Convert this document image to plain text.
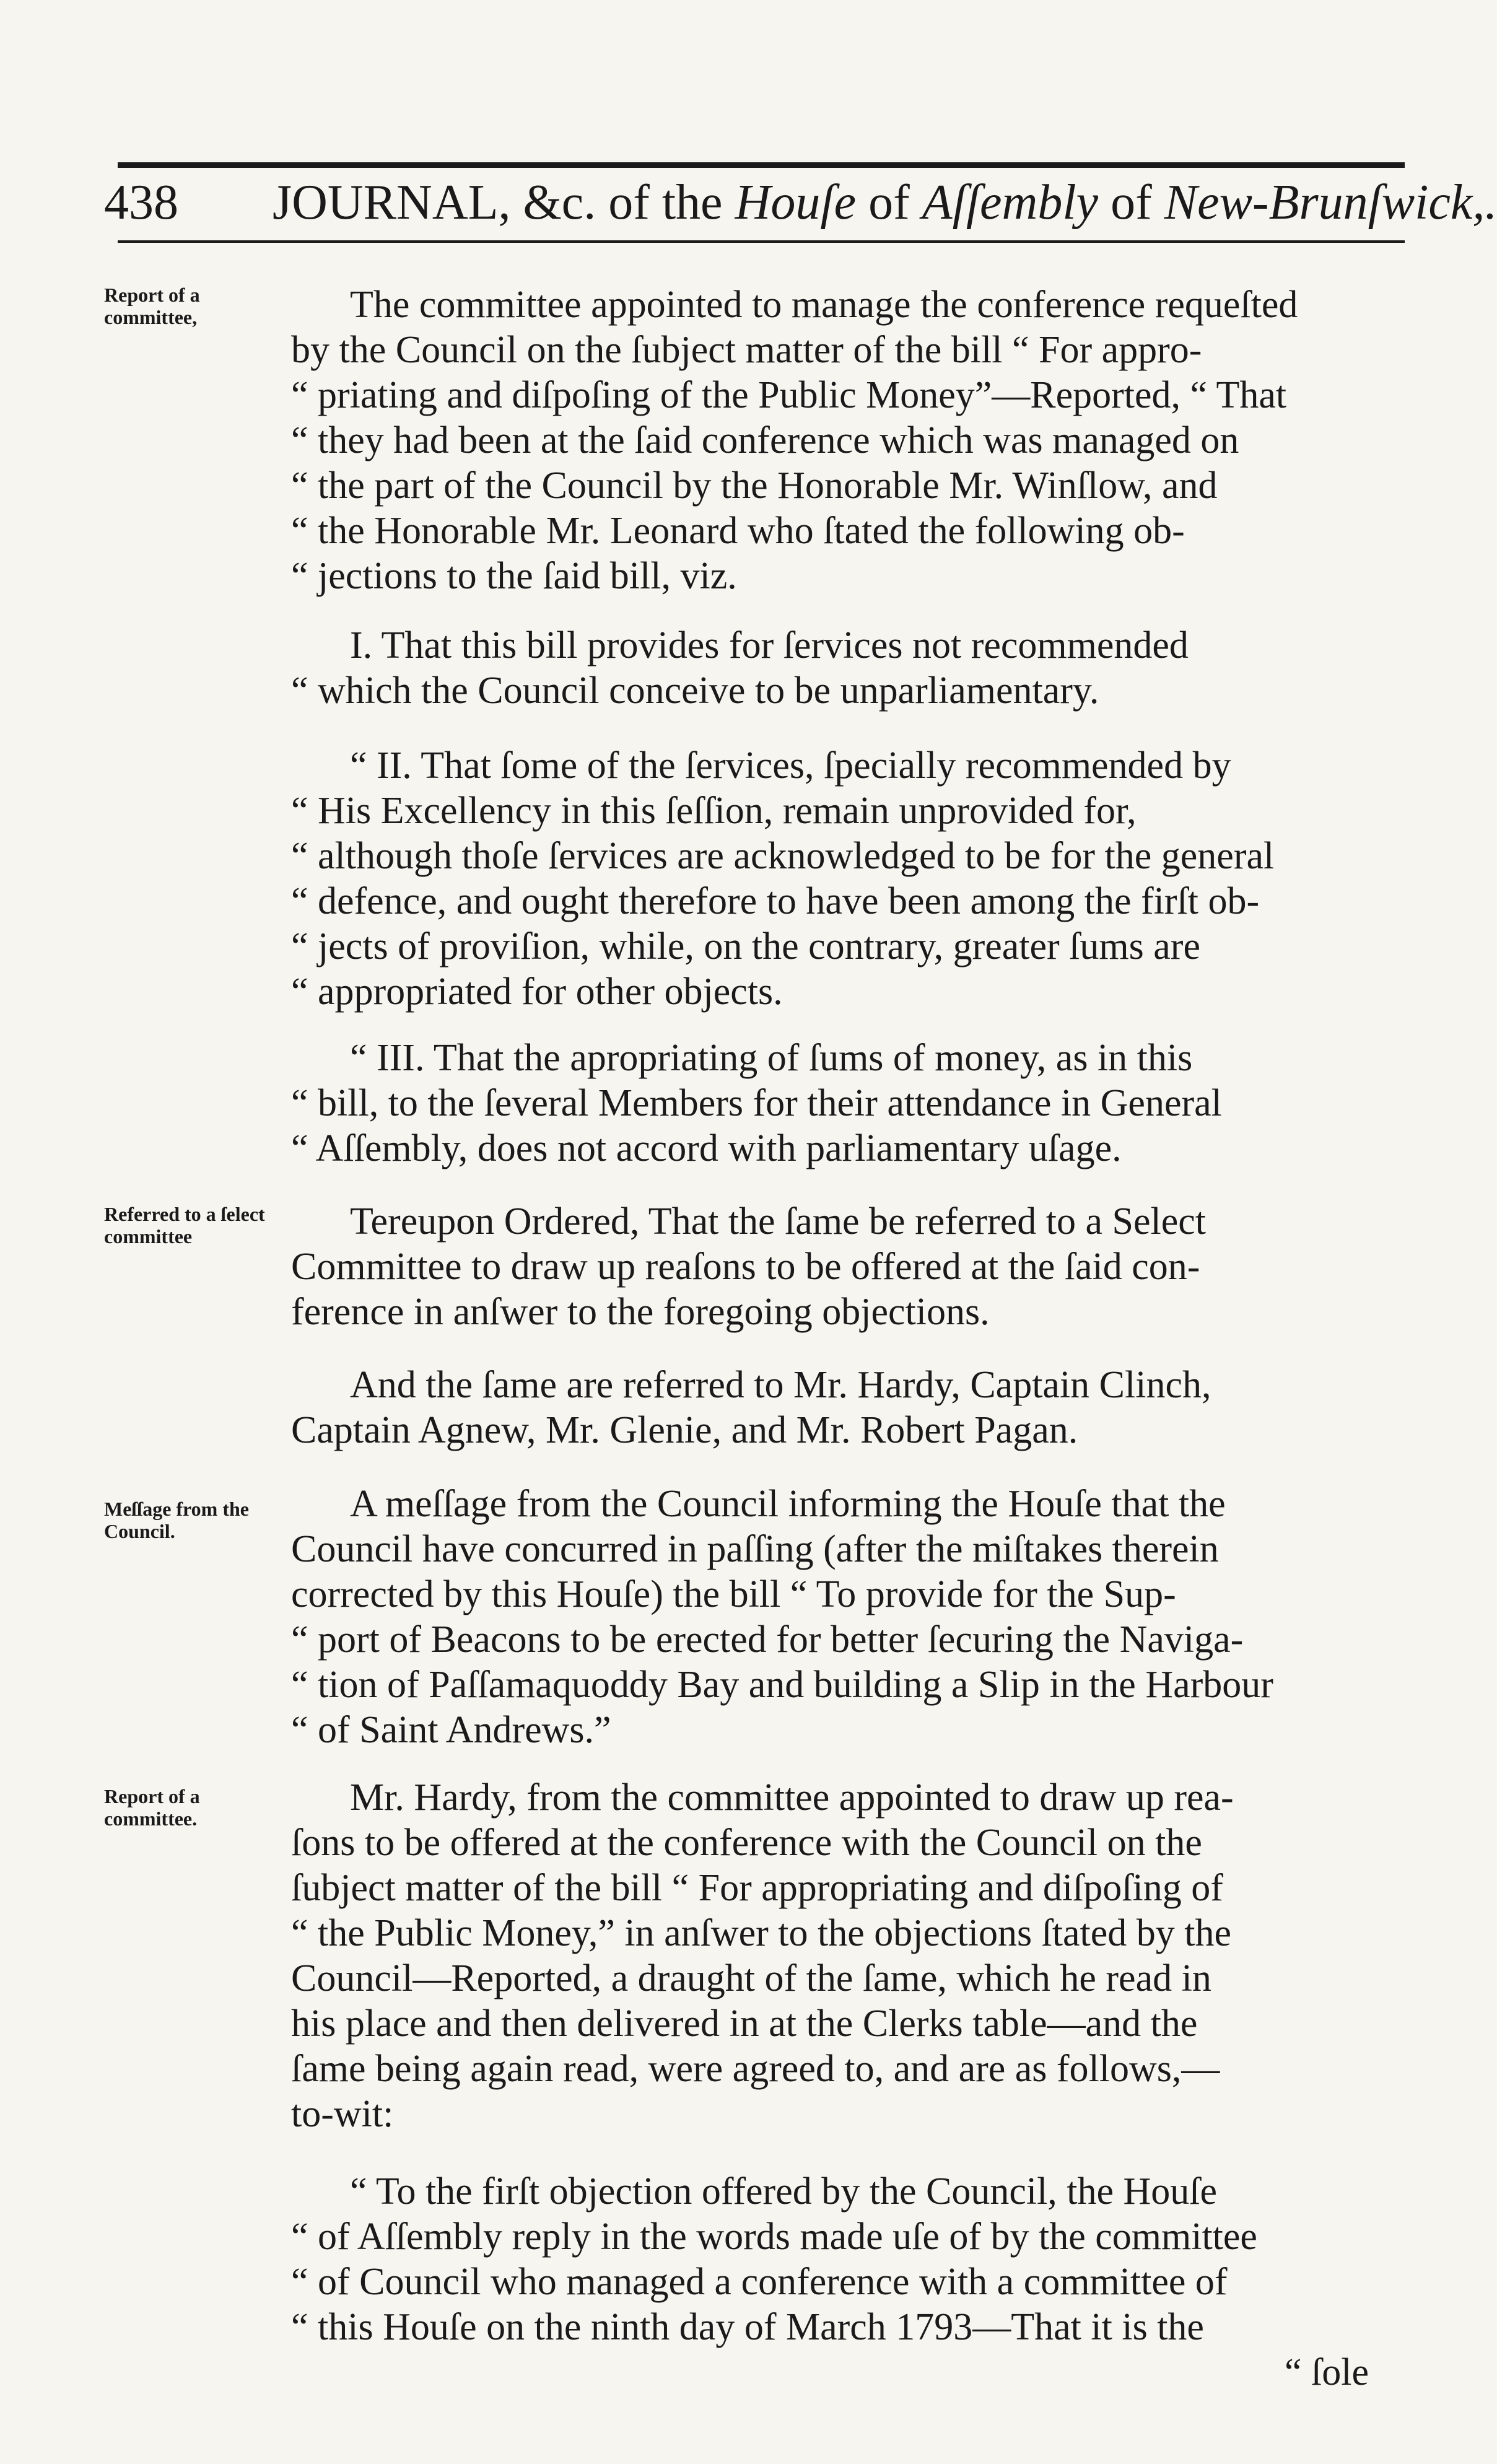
438 JOURNAL, &c. of the Houſe of Aſſembly of New-Brunſwick,.
Report of a committee,
Referred to a ſelect committee
Meſſage from the Council.
Report of a committee.
The committee appointed to manage the conference requeſted
by the Council on the ſubject matter of the bill “ For appro-
“ priating and diſpoſing of the Public Money”—Reported, “ That
“ they had been at the ſaid conference which was managed on
“ the part of the Council by the Honorable Mr. Winſlow, and
“ the Honorable Mr. Leonard who ſtated the following ob-
“ jections to the ſaid bill, viz.
I. That this bill provides for ſervices not recommended
“ which the Council conceive to be unparliamentary.
“ II. That ſome of the ſervices, ſpecially recommended by
“ His Excellency in this ſeſſion, remain unprovided for,
“ although thoſe ſervices are acknowledged to be for the general
“ defence, and ought therefore to have been among the firſt ob-
“ jects of proviſion, while, on the contrary, greater ſums are
“ appropriated for other objects.
“ III. That the apropriating of ſums of money, as in this
“ bill, to the ſeveral Members for their attendance in General
“ Aſſembly, does not accord with parliamentary uſage.
Tereupon Ordered, That the ſame be referred to a Select
Committee to draw up reaſons to be offered at the ſaid con-
ference in anſwer to the foregoing objections.
And the ſame are referred to Mr. Hardy, Captain Clinch,
Captain Agnew, Mr. Glenie, and Mr. Robert Pagan.
A meſſage from the Council informing the Houſe that the
Council have concurred in paſſing (after the miſtakes therein
corrected by this Houſe) the bill “ To provide for the Sup-
“ port of Beacons to be erected for better ſecuring the Naviga-
“ tion of Paſſamaquoddy Bay and building a Slip in the Harbour
“ of Saint Andrews.”
Mr. Hardy, from the committee appointed to draw up rea-
ſons to be offered at the conference with the Council on the
ſubject matter of the bill “ For appropriating and diſpoſing of
“ the Public Money,” in anſwer to the objections ſtated by the
Council—Reported, a draught of the ſame, which he read in
his place and then delivered in at the Clerks table—and the
ſame being again read, were agreed to, and are as follows,—
to-wit:
“ To the firſt objection offered by the Council, the Houſe
“ of Aſſembly reply in the words made uſe of by the committee
“ of Council who managed a conference with a committee of
“ this Houſe on the ninth day of March 1793—That it is the
“ ſole
